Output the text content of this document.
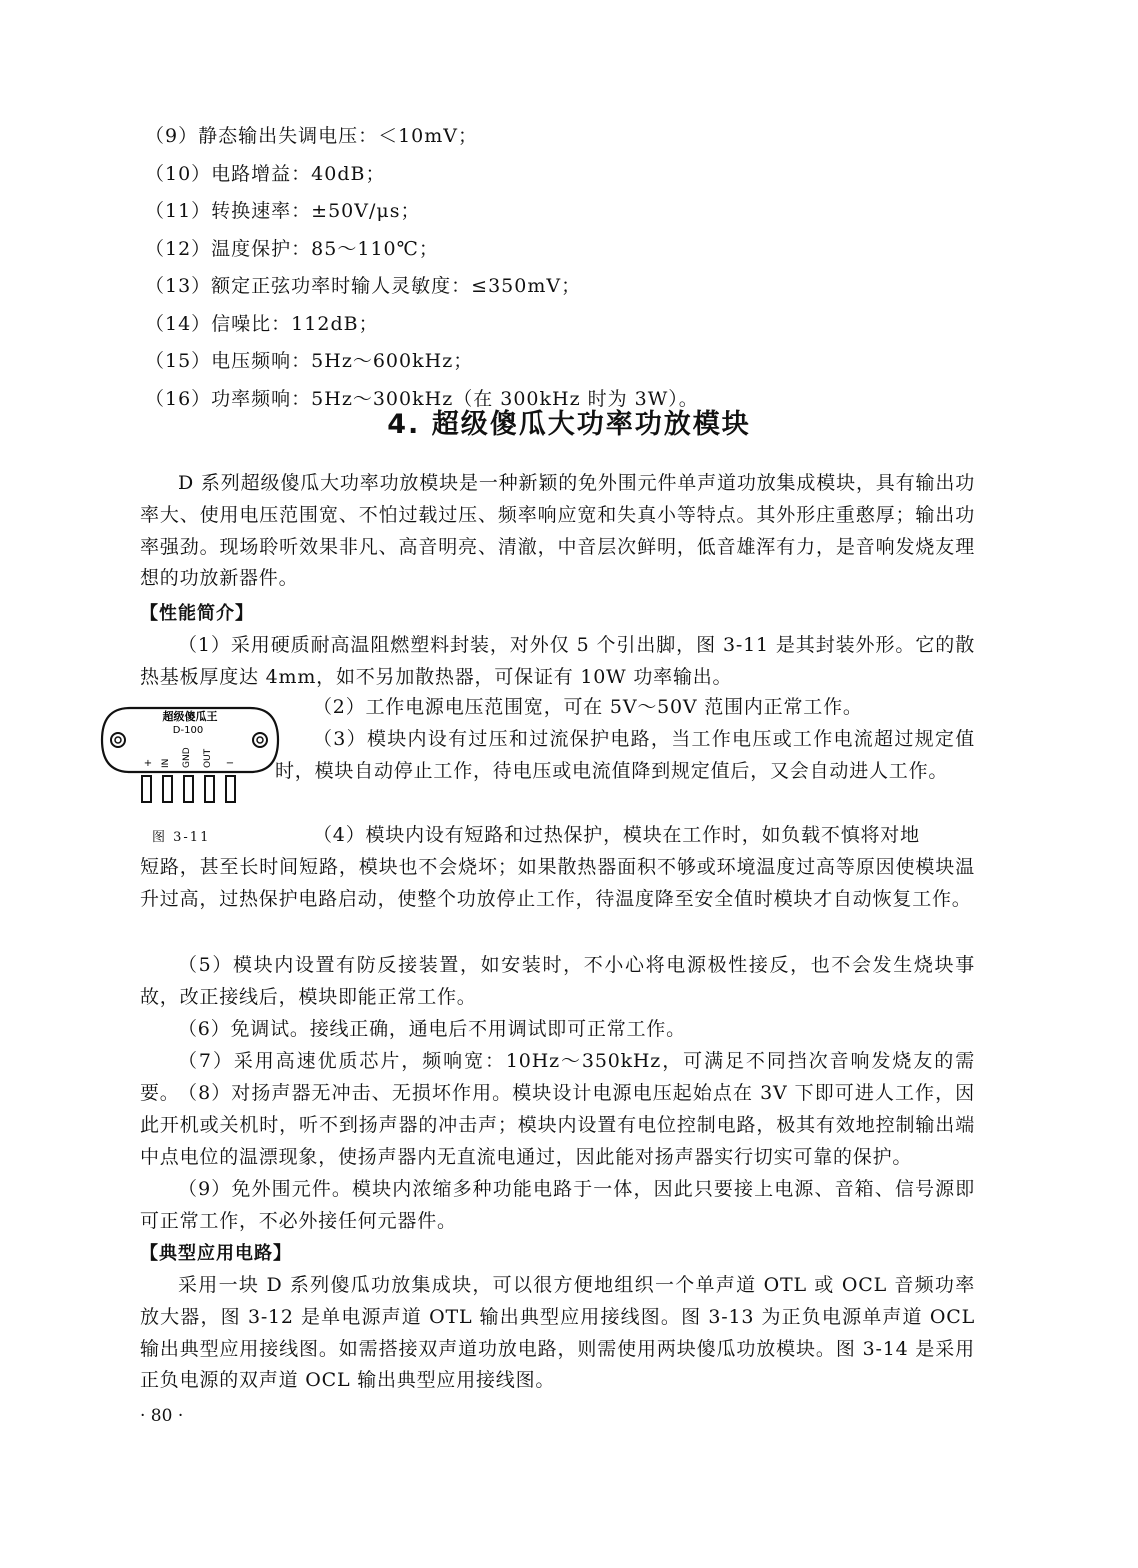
（9）静态输出失调电压：＜10mV；
（10）电路增益：40dB；
（11）转换速率：±50V/μs；
（12）温度保护：85～110℃；
（13）额定正弦功率时输人灵敏度：≤350mV；
（14）信噪比：112dB；
（15）电压频响：5Hz～600kHz；
（16）功率频响：5Hz～300kHz（在 300kHz 时为 3W）。
4. 超级傻瓜大功率功放模块
D 系列超级傻瓜大功率功放模块是一种新颖的免外围元件单声道功放集成模块，具有输出功率大、使用电压范围宽、不怕过载过压、频率响应宽和失真小等特点。其外形庄重憨厚；输出功率强劲。现场聆听效果非凡、高音明亮、清澈，中音层次鲜明，低音雄浑有力，是音响发烧友理想的功放新器件。
【性能简介】
（1）采用硬质耐高温阻燃塑料封装，对外仅 5 个引出脚，图 3-11 是其封装外形。它的散热基板厚度达 4mm，如不另加散热器，可保证有 10W 功率输出。
超级傻瓜王
D-100
+ IN GND OUT −
图 3-11
（2）工作电源电压范围宽，可在 5V～50V 范围内正常工作。
（3）模块内设有过压和过流保护电路，当工作电压或工作电流超过规定值时，模块自动停止工作，待电压或电流值降到规定值后，又会自动进人工作。
（4）模块内设有短路和过热保护，模块在工作时，如负载不慎将对地
短路，甚至长时间短路，模块也不会烧坏；如果散热器面积不够或环境温度过高等原因使模块温升过高，过热保护电路启动，使整个功放停止工作，待温度降至安全值时模块才自动恢复工作。
（5）模块内设置有防反接装置，如安装时，不小心将电源极性接反，也不会发生烧块事故，改正接线后，模块即能正常工作。
（6）免调试。接线正确，通电后不用调试即可正常工作。
（7）采用高速优质芯片，频响宽：10Hz～350kHz，可满足不同挡次音响发烧友的需要。
（8）对扬声器无冲击、无损坏作用。模块设计电源电压起始点在 3V 下即可进人工作，因此开机或关机时，听不到扬声器的冲击声；模块内设置有电位控制电路，极其有效地控制输出端中点电位的温漂现象，使扬声器内无直流电通过，因此能对扬声器实行切实可靠的保护。
（9）免外围元件。模块内浓缩多种功能电路于一体，因此只要接上电源、音箱、信号源即可正常工作，不必外接任何元器件。
【典型应用电路】
采用一块 D 系列傻瓜功放集成块，可以很方便地组织一个单声道 OTL 或 OCL 音频功率放大器，图 3-12 是单电源声道 OTL 输出典型应用接线图。图 3-13 为正负电源单声道 OCL 输出典型应用接线图。如需搭接双声道功放电路，则需使用两块傻瓜功放模块。图 3-14 是采用正负电源的双声道 OCL 输出典型应用接线图。
· 80 ·
